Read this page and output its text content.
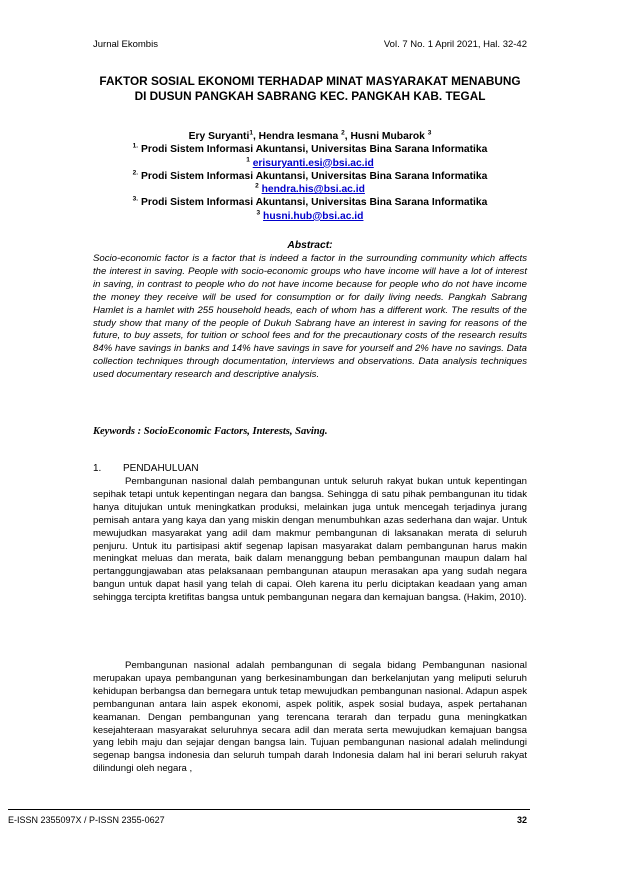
Jurnal Ekombis	Vol. 7 No. 1 April 2021, Hal. 32-42
FAKTOR SOSIAL EKONOMI TERHADAP MINAT MASYARAKAT MENABUNG DI DUSUN PANGKAH SABRANG KEC. PANGKAH KAB. TEGAL
Ery Suryanti$^1$, Hendra Iesmana $^2$, Husni Mubarok $^3$
$^{1.}$ Prodi Sistem Informasi Akuntansi, Universitas Bina Sarana Informatika
$^1$ erisuryanti.esi@bsi.ac.id
$^{2.}$ Prodi Sistem Informasi Akuntansi, Universitas Bina Sarana Informatika
$^2$ hendra.his@bsi.ac.id
$^{3.}$ Prodi Sistem Informasi Akuntansi, Universitas Bina Sarana Informatika
$^3$ husni.hub@bsi.ac.id
Abstract:

Socio-economic factor is a factor that is indeed a factor in the surrounding community which affects the interest in saving. People with socio-economic groups who have income will have a lot of interest in saving, in contrast to people who do not have income because for people who do not have income the money they receive will be used for consumption or for daily living needs. Pangkah Sabrang Hamlet is a hamlet with 255 household heads, each of whom has a different work. The results of the study show that many of the people of Dukuh Sabrang have an interest in saving for reasons of the future, to buy assets, for tuition or school fees and for the precautionary costs of the research results 84% have savings in banks and 14% have savings in save for yourself and 2% have no savings. Data collection techniques through documentation, interviews and observations. Data analysis techniques used documentary research and descriptive analysis.

Keywords : SocioEconomic Factors, Interests, Saving.
1. PENDAHULUAN

Pembangunan nasional dalah pembangunan untuk seluruh rakyat bukan untuk kepentingan sepihak tetapi untuk kepentingan negara dan bangsa. Sehingga di satu pihak pembangunan itu tidak hanya ditujukan untuk meningkatkan produksi, melainkan juga untuk mencegah terjadinya jurang pemisah antara yang kaya dan yang miskin dengan menumbuhkan azas sederhana dan wajar. Untuk mewujudkan masyarakat yang adil dam makmur pembangunan di laksanakan merata di seluruh penjuru. Untuk itu partisipasi aktif segenap lapisan masyarakat dalam pembangunan harus makin meningkat meluas dan merata, baik dalam menanggung beban pembangunan maupun dalam hal pertanggungjawaban atas pelaksanaan pembangunan ataupun merasakan apa yang sudah negara bangun untuk dapat hasil yang telah di capai. Oleh karena itu perlu diciptakan keadaan yang aman sehingga tercipta kretifitas bangsa untuk pembangunan negara dan kemajuan bangsa. (Hakim, 2010).

Pembangunan nasional adalah pembangunan di segala bidang Pembangunan nasional merupakan upaya pembangunan yang berkesinambungan dan berkelanjutan yang meliputi seluruh kehidupan berbangsa dan bernegara untuk tetap mewujudkan pembangunan nasional. Adapun aspek pembangunan antara lain aspek ekonomi, aspek politik, aspek sosial budaya, aspek pertahanan keamanan. Dengan pembangunan yang terencana terarah dan terpadu guna meningkatkan kesejahteraan masyarakat seluruhnya secara adil dan merata serta mewujudkan kemajuan bangsa yang lebih maju dan sejajar dengan bangsa lain. Tujuan pembangunan nasional adalah melindungi segenap bangsa indonesia dan seluruh tumpah darah Indonesia dalam hal ini berari seluruh rakyat dilindungi oleh negara ,

E-ISSN 2355097X / P-ISSN 2355-0627	32
